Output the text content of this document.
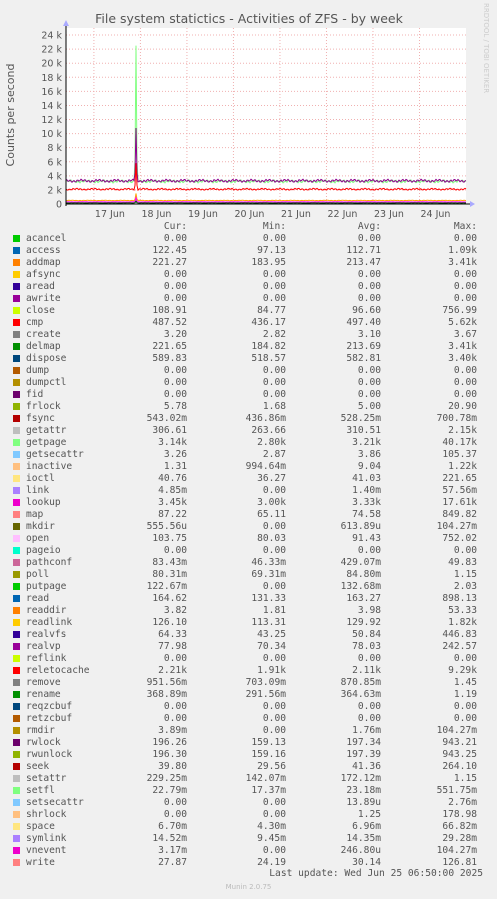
File system statictics - Activities of ZFS - by week	RRDTOOL / TOBI OETIKER
Counts per second
0
2 k
4 k
6 k
8 k
10 k
12 k
14 k
16 k
18 k
20 k
22 k
24 k
17 Jun 18 Jun 19 Jun 20 Jun 21 Jun 22 Jun 23 Jun 24 Jun
Cur:	Min:	Avg:	Max:
acancel	0.00	0.00	0.00	0.00
access	122.45	97.13	112.71	1.09k
addmap	221.27	183.95	213.47	3.41k
afsync	0.00	0.00	0.00	0.00
aread	0.00	0.00	0.00	0.00
awrite	0.00	0.00	0.00	0.00
close	108.91	84.77	96.60	756.99
cmp	487.52	436.17	497.40	5.62k
create	3.20	2.82	3.10	3.67
delmap	221.65	184.82	213.69	3.41k
dispose	589.83	518.57	582.81	3.40k
dump	0.00	0.00	0.00	0.00
dumpctl	0.00	0.00	0.00	0.00
fid	0.00	0.00	0.00	0.00
frlock	5.78	1.68	5.00	20.90
fsync	543.02m	436.86m	528.25m	700.78m
getattr	306.61	263.66	310.51	2.15k
getpage	3.14k	2.80k	3.21k	40.17k
getsecattr	3.26	2.87	3.86	105.37
inactive	1.31	994.64m	9.04	1.22k
ioctl	40.76	36.27	41.03	221.65
link	4.85m	0.00	1.40m	57.56m
lookup	3.45k	3.00k	3.33k	17.61k
map	87.22	65.11	74.58	849.82
mkdir	555.56u	0.00	613.89u	104.27m
open	103.75	80.03	91.43	752.02
pageio	0.00	0.00	0.00	0.00
pathconf	83.43m	46.33m	429.07m	49.83
poll	80.31m	69.31m	84.80m	1.15
putpage	122.67m	0.00	132.68m	2.03
read	164.62	131.33	163.27	898.13
readdir	3.82	1.81	3.98	53.33
readlink	126.10	113.31	129.92	1.82k
realvfs	64.33	43.25	50.84	446.83
realvp	77.98	70.34	78.03	242.57
reflink	0.00	0.00	0.00	0.00
reletocache	2.21k	1.91k	2.11k	9.29k
remove	951.56m	703.09m	870.85m	1.45
rename	368.89m	291.56m	364.63m	1.19
reqzcbuf	0.00	0.00	0.00	0.00
retzcbuf	0.00	0.00	0.00	0.00
rmdir	3.89m	0.00	1.76m	104.27m
rwlock	196.26	159.13	197.34	943.21
rwunlock	196.30	159.16	197.39	943.25
seek	39.80	29.56	41.36	264.10
setattr	229.25m	142.07m	172.12m	1.15
setfl	22.79m	17.37m	23.18m	551.75m
setsecattr	0.00	0.00	13.89u	2.76m
shrlock	0.00	0.00	1.25	178.98
space	6.70m	4.30m	6.96m	66.82m
symlink	14.52m	9.45m	14.35m	29.28m
vnevent	3.17m	0.00	246.80u	104.27m
write	27.87	24.19	30.14	126.81
Last update: Wed Jun 25 06:50:00 2025
Munin 2.0.75
